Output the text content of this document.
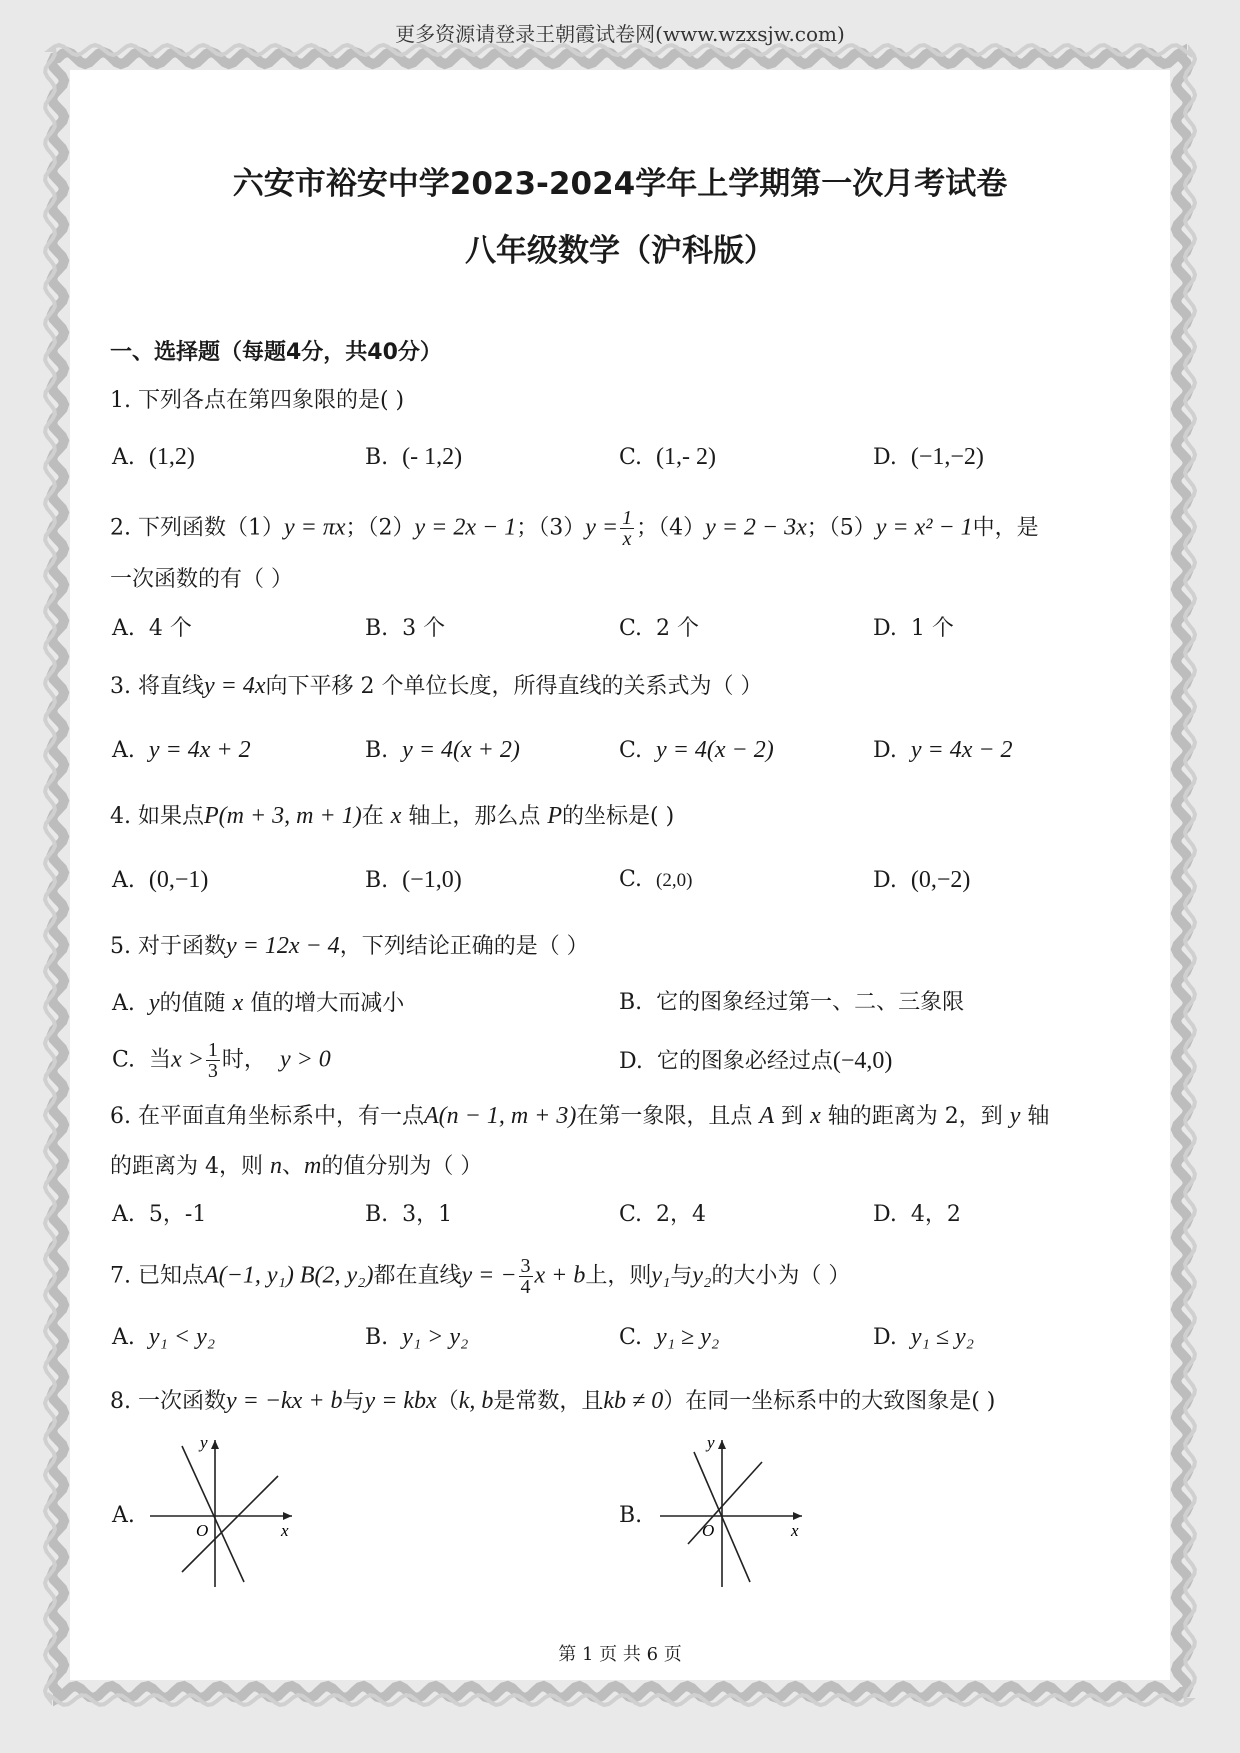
更多资源请登录王朝霞试卷网(www.wzxsjw.com)
六安市裕安中学2023-2024学年上学期第一次月考试卷
八年级数学（沪科版）
一、选择题（每题4分，共40分）
1. 下列各点在第四象限的是( )
A. (1,2)	B. (- 1,2)	C. (1,- 2)	D. (−1,−2)
2. 下列函数（1）y = πx；（2）y = 2x − 1；$(3)y = \frac{1}{x}$ ；（4）y = 2 − 3x；（5）y = x² − 1中，是
一次函数的有（ ）
A. 4 个	B. 3 个	C. 2 个	D. 1 个
3. 将直线y = 4x向下平移 2 个单位长度，所得直线的关系式为（ ）
A. y = 4x + 2	B. y = 4(x + 2)	C. y = 4(x − 2)	D. y = 4x − 2
4. 如果点P(m + 3, m + 1)在 x 轴上，那么点 P的坐标是( )
A. (0,−1)	B. (−1,0)	C. (2,0)	D. (0,−2)
5. 对于函数y = 12x − 4，下列结论正确的是（ ）
A. y的值随 x 值的增大而减小	B. 它的图象经过第一、二、三象限
C. 当$x > \frac{1}{3}$ 时， y > 0	D. 它的图象必经过点(−4,0)
6. 在平面直角坐标系中，有一点A(n − 1, m + 3)在第一象限，且点 A 到 x 轴的距离为 2，到 y 轴
的距离为 4，则 n、m的值分别为（ ）
A. 5，-1	B. 3，1	C. 2，4	D. 4，2
7. 已知点A(−1, y₁) B(2, y₂)都在直线y = − $\frac{3}{4}$ x + b上，则y₁与y₂的大小为（ ）
A. y₁ < y₂	B. y₁ > y₂	C. y₁ ≥ y₂	D. y₁ ≤ y₂
8. 一次函数y = −kx + b与y = kbx（k, b是常数，且kb ≠ 0）在同一坐标系中的大致图象是( )
A.
y
x
O
B.
y
x
O
第 1 页 共 6 页
